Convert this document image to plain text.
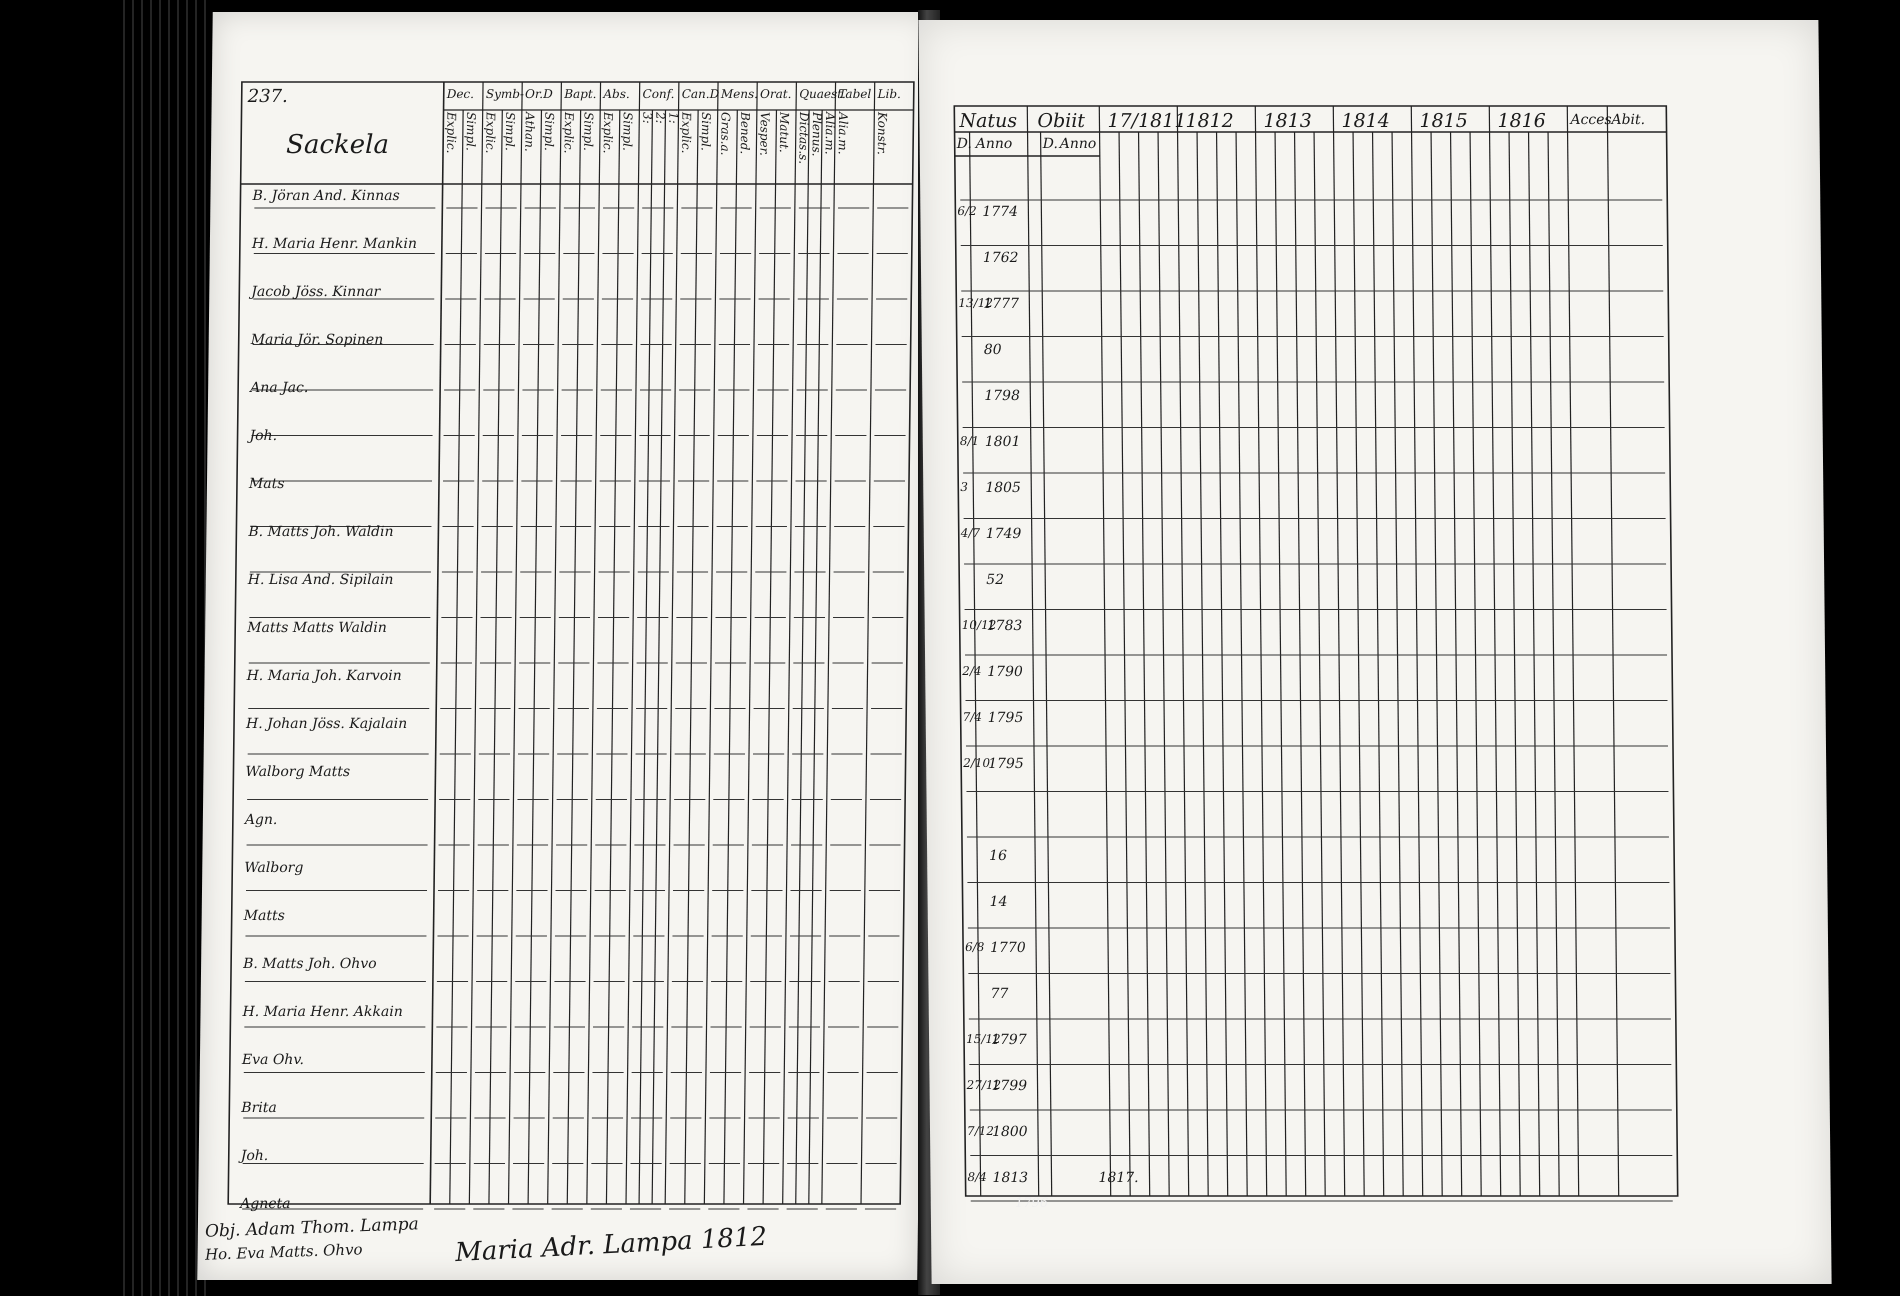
237.
Sackela
Dec.
Explic. Simpl.
Symb-
Explic. Simpl.
Or.D
Athan. Simpl.
Bapt.
Explic. Simpl.
Abs.
Explic. Simpl.
Conf.
3:
2:
1:
Can.D
Explic. Simpl.
Mens.
Gras.a. Bened.
Orat.
Vesper. Matut.
Quaest.
Dictas.s.
Plenus.
Alia.m.
Tabel
Alia.m.
Lib.
Konstr.
B. Jöran And. Kinnas
H. Maria Henr. Mankin
Jacob Jöss. Kinnar
Maria Jör. Sopinen
Ana Jac.
Joh.
Mats
B. Matts Joh. Waldin
H. Lisa And. Sipilain
Matts Matts Waldin
H. Maria Joh. Karvoin
H. Johan Jöss. Kajalain
Walborg Matts
Agn.
Walborg
Matts
B. Matts Joh. Ohvo
H. Maria Henr. Akkain
Eva Ohv.
Brita
Joh.
Agneta
Natus Obiit
D. Anno D. Anno
17/1811
1812 1813 1814 1815 1816 Acces Abit.
6/2 1774
1762
13/12
1777
80
1798
8/1 1801
3 1805
4/7 1749
52
10/12
1783
2/4 1790
7/4 1795
2/10
1795
16
14
6/8 1770
77
15/12
1797
27/12
1799
7/12
1800
8/4 1813	1817.
Obj. Adam Thom. Lampa
Ho. Eva Matts. Ohvo	Maria Adr. Lampa 1812
1796
